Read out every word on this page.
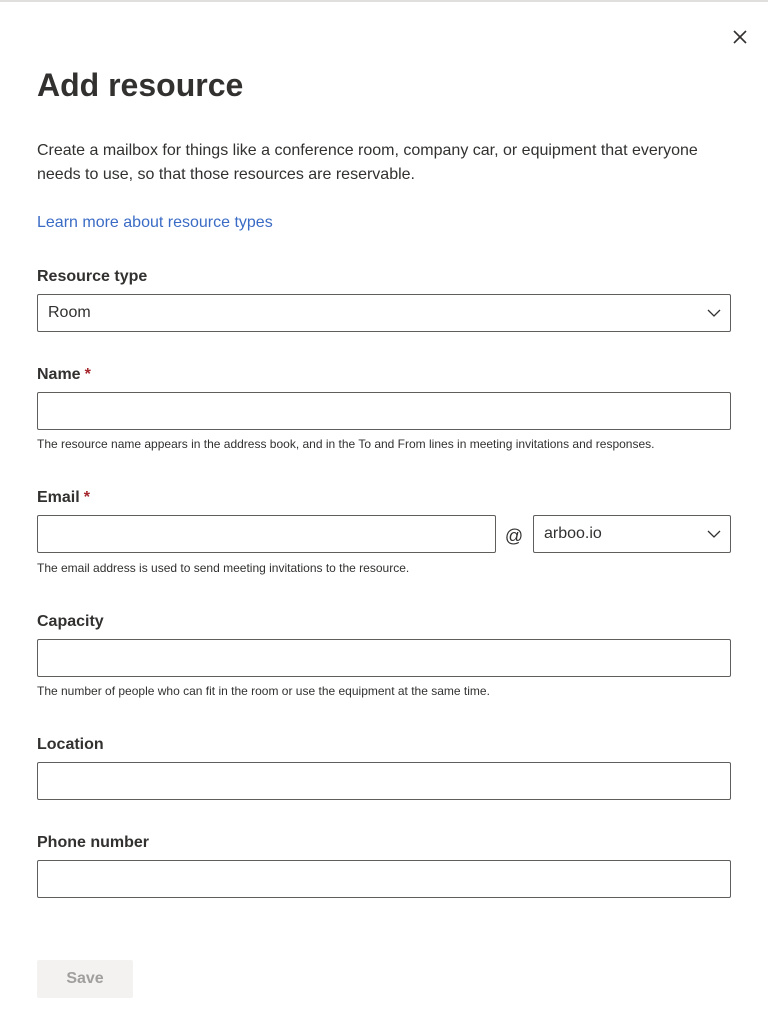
Add resource

Create a mailbox for things like a conference room, company car, or equipment that everyone needs to use, so that those resources are reservable.

Learn more about resource types
Resource type
Room
Name *
The resource name appears in the address book, and in the To and From lines in meeting invitations and responses.
Email *
@ arboo.io
The email address is used to send meeting invitations to the resource.
Capacity
The number of people who can fit in the room or use the equipment at the same time.
Location
Phone number
Save
